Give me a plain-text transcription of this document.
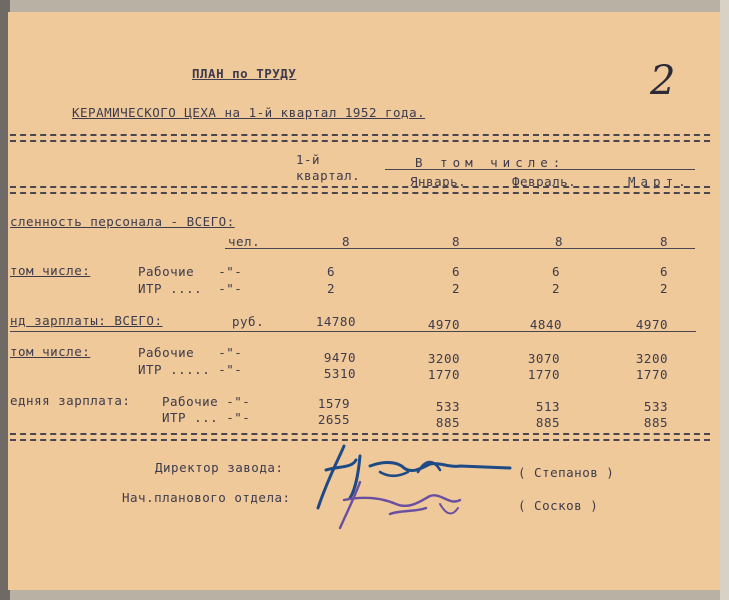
2
ПЛАН по ТРУДУ
КЕРАМИЧЕСКОГО ЦЕХА на 1-й квартал 1952 года.
1-й
квартал.
В том числе:
Январь.	Февраль.	Март.
сленность персонала - ВСЕГО:
чел.	8	8	8	8
том числе:	Рабочие   -"-	6	6	6	6
ИТР ....  -"-	2	2	2	2
нд зарплаты: ВСЕГО:	руб.	14780	4970	4840	4970
том числе:	Рабочие   -"-	9470	3200	3070	3200
ИТР ..... -"-	5310	1770	1770	1770
едняя зарплата:	Рабочие -"-	1579	533	513	533
ИТР ... -"-	2655	885	885	885
Директор завода:	( Степанов )
Нач.планового отдела:
( Сосков )
